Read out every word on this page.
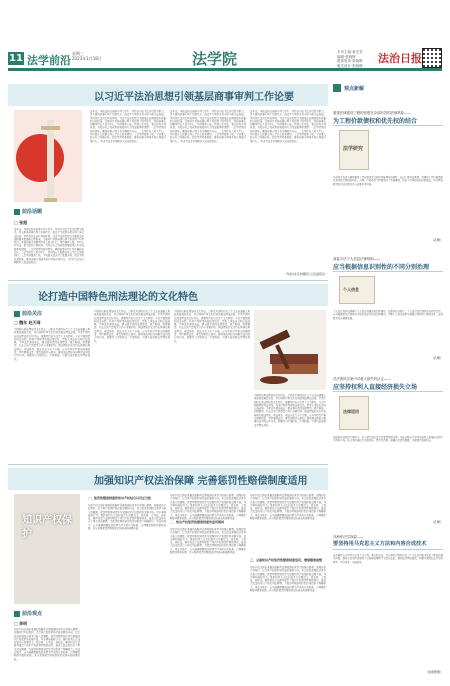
11 法学前沿
星期三
2023年1月18日	法学院	专刊主编·蒋龙芳
编辑·张晓辉
联系电话·张晓辉
版式设计·张晓辉
法治日报
以习近平法治思想引领基层商事审判工作论要
前沿话题
□ 张振
近年来，基层法院在商事审判工作中，坚持以习近平法治思想为指引，深入推进商事审判工作现代化，依法平等保护各类市场主体合法权益，持续优化法治化营商环境。习近平法治思想是全面依法治国的根本遵循和行动指南，为新时代基层商事审判工作提供了科学指引。基层商事审判要坚持以人民为中心，坚持服务大局，坚持公正司法，着力提升审判质效，为经济社会高质量发展提供有力司法服务和保障。一是坚持党的绝对领导，确保商事审判工作正确政治方向。二是坚持以人民为中心，切实回应人民群众对公平正义的新期待。三是坚持服务大局，主动融入经济社会发展全局。四是坚持改革创新，推动商事审判体系和审判能力现代化。（作者为北京市朝阳区人民法院院长）
近年来，基层法院在商事审判工作中，坚持以习近平法治思想为指引，深入推进商事审判工作现代化，依法平等保护各类市场主体合法权益，持续优化法治化营商环境。习近平法治思想是全面依法治国的根本遵循和行动指南，为新时代基层商事审判工作提供了科学指引。基层商事审判要坚持以人民为中心，坚持服务大局，坚持公正司法，着力提升审判质效，为经济社会高质量发展提供有力司法服务和保障。一是坚持党的绝对领导，确保商事审判工作正确政治方向。二是坚持以人民为中心，切实回应人民群众对公平正义的新期待。三是坚持服务大局，主动融入经济社会发展全局。四是坚持改革创新，推动商事审判体系和审判能力现代化。（作者为北京市朝阳区人民法院院长）
近年来，基层法院在商事审判工作中，坚持以习近平法治思想为指引，深入推进商事审判工作现代化，依法平等保护各类市场主体合法权益，持续优化法治化营商环境。习近平法治思想是全面依法治国的根本遵循和行动指南，为新时代基层商事审判工作提供了科学指引。基层商事审判要坚持以人民为中心，坚持服务大局，坚持公正司法，着力提升审判质效，为经济社会高质量发展提供有力司法服务和保障。一是坚持党的绝对领导，确保商事审判工作正确政治方向。二是坚持以人民为中心，切实回应人民群众对公平正义的新期待。三是坚持服务大局，主动融入经济社会发展全局。四是坚持改革创新，推动商事审判体系和审判能力现代化。（作者为北京市朝阳区人民法院院长）
近年来，基层法院在商事审判工作中，坚持以习近平法治思想为指引，深入推进商事审判工作现代化，依法平等保护各类市场主体合法权益，持续优化法治化营商环境。习近平法治思想是全面依法治国的根本遵循和行动指南，为新时代基层商事审判工作提供了科学指引。基层商事审判要坚持以人民为中心，坚持服务大局，坚持公正司法，着力提升审判质效，为经济社会高质量发展提供有力司法服务和保障。一是坚持党的绝对领导，确保商事审判工作正确政治方向。二是坚持以人民为中心，切实回应人民群众对公平正义的新期待。三是坚持服务大局，主动融入经济社会发展全局。四是坚持改革创新，推动商事审判体系和审判能力现代化。（作者为北京市朝阳区人民法院院长）
（作者为北京市朝阳区人民法院院长）
论打造中国特色刑法理论的文化特色
前沿关注
□ 魏东 赵天琦
中国特色刑法理论的文化特色，是指在中国特色社会主义法治道路上形成和发展起来的，具有鲜明中华文化特质的刑法理论品格。打造中国特色刑法理论的文化特色，需要坚持以马克思主义为指导，立足中国国情和司法实践，传承中华优秀传统法律文化，借鉴人类法治文明有益成果。中华法系源远流长，蕴含着丰富的法律智慧，德主刑辅、明德慎罚、礼法合治等思想至今仍有重要价值。刑法理论的文化特色体现在刑法理念、刑法体系、刑法方法等多个方面。应当坚持宽严相济刑事政策，坚持罪刑法定、罪责刑相适应原则，推动刑法理论与刑事司法实践良性互动，构建具有中国特色、中国风格、中国气派的刑法学理论体系。
中国特色刑法理论的文化特色，是指在中国特色社会主义法治道路上形成和发展起来的，具有鲜明中华文化特质的刑法理论品格。打造中国特色刑法理论的文化特色，需要坚持以马克思主义为指导，立足中国国情和司法实践，传承中华优秀传统法律文化，借鉴人类法治文明有益成果。中华法系源远流长，蕴含着丰富的法律智慧，德主刑辅、明德慎罚、礼法合治等思想至今仍有重要价值。刑法理论的文化特色体现在刑法理念、刑法体系、刑法方法等多个方面。应当坚持宽严相济刑事政策，坚持罪刑法定、罪责刑相适应原则，推动刑法理论与刑事司法实践良性互动，构建具有中国特色、中国风格、中国气派的刑法学理论体系。
中国特色刑法理论的文化特色，是指在中国特色社会主义法治道路上形成和发展起来的，具有鲜明中华文化特质的刑法理论品格。打造中国特色刑法理论的文化特色，需要坚持以马克思主义为指导，立足中国国情和司法实践，传承中华优秀传统法律文化，借鉴人类法治文明有益成果。中华法系源远流长，蕴含着丰富的法律智慧，德主刑辅、明德慎罚、礼法合治等思想至今仍有重要价值。刑法理论的文化特色体现在刑法理念、刑法体系、刑法方法等多个方面。应当坚持宽严相济刑事政策，坚持罪刑法定、罪责刑相适应原则，推动刑法理论与刑事司法实践良性互动，构建具有中国特色、中国风格、中国气派的刑法学理论体系。
中国特色刑法理论的文化特色，是指在中国特色社会主义法治道路上形成和发展起来的，具有鲜明中华文化特质的刑法理论品格。打造中国特色刑法理论的文化特色，需要坚持以马克思主义为指导，立足中国国情和司法实践，传承中华优秀传统法律文化，借鉴人类法治文明有益成果。中华法系源远流长，蕴含着丰富的法律智慧，德主刑辅、明德慎罚、礼法合治等思想至今仍有重要价值。刑法理论的文化特色体现在刑法理念、刑法体系、刑法方法等多个方面。应当坚持宽严相济刑事政策，坚持罪刑法定、罪责刑相适应原则，推动刑法理论与刑事司法实践良性互动，构建具有中国特色、中国风格、中国气派的刑法学理论体系。
加强知识产权法治保障 完善惩罚性赔偿制度适用
知识产权保护
前沿观点
□ 李明
知识产权是国家发展的战略性资源和国际竞争力的核心要素。加强知识产权保护，是完善产权保护制度最重要的内容，也是提高我国经济竞争力最大的激励。惩罚性赔偿制度作为加强知识产权保护的重要手段，对于遏制侵权行为、维护权利人合法权益具有重要意义。民法典、专利法、商标法、著作权法等法律均规定了知识产权惩罚性赔偿制度，最高人民法院出台了相关司法解释，为惩罚性赔偿制度的适用提供了明确指引。司法实践中，应当准确把握故意和情节严重的认定标准，合理确定赔偿基数和倍数，充分发挥惩罚性赔偿制度的惩戒和威慑功能。
一、惩罚性赔偿制度和知识产权结合具有正当性
知识产权是国家发展的战略性资源和国际竞争力的核心要素。加强知识产权保护，是完善产权保护制度最重要的内容，也是提高我国经济竞争力最大的激励。惩罚性赔偿制度作为加强知识产权保护的重要手段，对于遏制侵权行为、维护权利人合法权益具有重要意义。民法典、专利法、商标法、著作权法等法律均规定了知识产权惩罚性赔偿制度，最高人民法院出台了相关司法解释，为惩罚性赔偿制度的适用提供了明确指引。司法实践中，应当准确把握故意和情节严重的认定标准，合理确定赔偿基数和倍数，充分发挥惩罚性赔偿制度的惩戒和威慑功能。
二、知识产权惩罚性赔偿制度的适用规则
知识产权是国家发展的战略性资源和国际竞争力的核心要素。加强知识产权保护，是完善产权保护制度最重要的内容，也是提高我国经济竞争力最大的激励。惩罚性赔偿制度作为加强知识产权保护的重要手段，对于遏制侵权行为、维护权利人合法权益具有重要意义。民法典、专利法、商标法、著作权法等法律均规定了知识产权惩罚性赔偿制度，最高人民法院出台了相关司法解释，为惩罚性赔偿制度的适用提供了明确指引。司法实践中，应当准确把握故意和情节严重的认定标准，合理确定赔偿基数和倍数，充分发挥惩罚性赔偿制度的惩戒和威慑功能。
知识产权是国家发展的战略性资源和国际竞争力的核心要素。加强知识产权保护，是完善产权保护制度最重要的内容，也是提高我国经济竞争力最大的激励。惩罚性赔偿制度作为加强知识产权保护的重要手段，对于遏制侵权行为、维护权利人合法权益具有重要意义。民法典、专利法、商标法、著作权法等法律均规定了知识产权惩罚性赔偿制度，最高人民法院出台了相关司法解释，为惩罚性赔偿制度的适用提供了明确指引。司法实践中，应当准确把握故意和情节严重的认定标准，合理确定赔偿基数和倍数，充分发挥惩罚性赔偿制度的惩戒和威慑功能。
三、完善知识产权惩罚性赔偿制度适用，增强赔偿威慑
知识产权是国家发展的战略性资源和国际竞争力的核心要素。加强知识产权保护，是完善产权保护制度最重要的内容，也是提高我国经济竞争力最大的激励。惩罚性赔偿制度作为加强知识产权保护的重要手段，对于遏制侵权行为、维护权利人合法权益具有重要意义。民法典、专利法、商标法、著作权法等法律均规定了知识产权惩罚性赔偿制度，最高人民法院出台了相关司法解释，为惩罚性赔偿制度的适用提供了明确指引。司法实践中，应当准确把握故意和情节严重的认定标准，合理确定赔偿基数和倍数，充分发挥惩罚性赔偿制度的惩戒和威慑功能。
知识产权是国家发展的战略性资源和国际竞争力的核心要素。加强知识产权保护，是完善产权保护制度最重要的内容，也是提高我国经济竞争力最大的激励。惩罚性赔偿制度作为加强知识产权保护的重要手段，对于遏制侵权行为、维护权利人合法权益具有重要意义。民法典、专利法、商标法、著作权法等法律均规定了知识产权惩罚性赔偿制度，最高人民法院出台了相关司法解释，为惩罚性赔偿制度的适用提供了明确指引。司法实践中，应当准确把握故意和情节严重的认定标准，合理确定赔偿基数和倍数，充分发挥惩罚性赔偿制度的惩戒和威慑功能。
观点新解
重建法律建设工程的密度在全面有效的法律风险——
为工程价款债权和优先权的结合
法学研究
本书作者在深入研究建设工程价款优先受偿权基础理论的同时，结合大量司法案例，对建设工程价款债权及其优先受偿权的性质、范围、行使条件等问题进行了系统阐述，提出了完善相关制度的建议，对于理论研究和司法实践均具有重要参考价值。
（孔繁）
高雷平法个人信息法律规则——
应当根据信息识别性的不同分别治理
个人信息
个人信息保护法明确了个人信息的概念和处理规则。在数字经济时代，个人信息的识别性存在程度差异，应当根据信息识别性的不同采取差异化的治理模式，平衡个人信息保护与数据合理利用之间的关系，促进数字经济健康发展。
（孔繁）
司法资讯实案中对重大损失的认定——
应坚持权利人直接经济损失立场
法律适用
在侵犯商业秘密等案件中，重大损失的认定是定罪量刑的关键。司法实践应当坚持以权利人直接经济损失为基本立场，综合考虑侵权行为的性质、情节及后果，准确认定损失数额，实现罪责刑相适应。
（孔繁）
肖海军法学探索——
要坚持用马克思主义方法和内容合成技术
法学研究应当坚持马克思主义立场、观点和方法，深入研究中国特色社会主义法治实践中的重大理论和现实问题。要善于运用历史唯物主义和辩证唯物主义的方法论，推动法学理论创新，构建中国特色法学学科体系、学术体系、话语体系。
（金燕整理）
